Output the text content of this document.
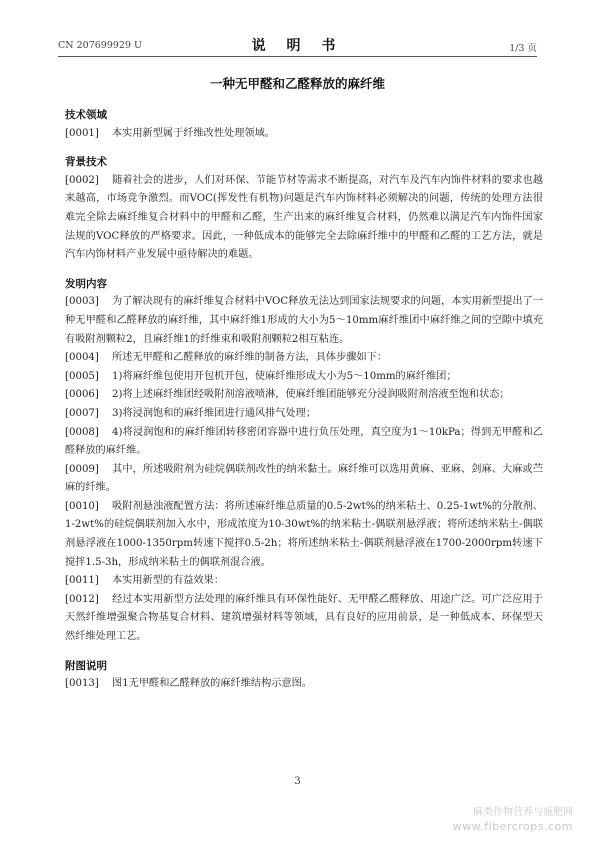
CN 207699929 U	说 明 书	1/3 页
一种无甲醛和乙醛释放的麻纤维
技术领域
[0001] 本实用新型属于纤维改性处理领域。
背景技术
[0002] 随着社会的进步，人们对环保、节能节材等需求不断提高，对汽车及汽车内饰件材料的要求也越来越高，市场竞争激烈。而VOC(挥发性有机物)问题是汽车内饰材料必须解决的问题，传统的处理方法很难完全除去麻纤维复合材料中的甲醛和乙醛，生产出来的麻纤维复合材料，仍然难以满足汽车内饰件国家法规的VOC释放的严格要求。因此，一种低成本的能够完全去除麻纤维中的甲醛和乙醛的工艺方法，就是汽车内饰材料产业发展中亟待解决的难题。
发明内容
[0003] 为了解决现有的麻纤维复合材料中VOC释放无法达到国家法规要求的问题，本实用新型提出了一种无甲醛和乙醛释放的麻纤维，其中麻纤维1形成的大小为5～10mm麻纤维团中麻纤维之间的空隙中填充有吸附剂颗粒2，且麻纤维1的纤维束和吸附剂颗粒2相互粘连。
[0004] 所述无甲醛和乙醛释放的麻纤维的制备方法，具体步骤如下：
[0005] 1)将麻纤维包使用开包机开包，使麻纤维形成大小为5～10mm的麻纤维团；
[0006] 2)将上述麻纤维团经吸附剂溶液喷淋，使麻纤维团能够充分浸润吸附剂溶液至饱和状态；
[0007] 3)将浸润饱和的麻纤维团进行通风排气处理；
[0008] 4)将浸润饱和的麻纤维团转移密闭容器中进行负压处理，真空度为1～10kPa；得到无甲醛和乙醛释放的麻纤维。
[0009] 其中，所述吸附剂为硅烷偶联剂改性的纳米黏土。麻纤维可以选用黄麻、亚麻、剑麻、大麻或苎麻的纤维。
[0010] 吸附剂悬浊液配置方法：将所述麻纤维总质量的0.5-2wt%的纳米粘土、0.25-1wt%的分散剂、1-2wt%的硅烷偶联剂加入水中，形成浓度为10-30wt%的纳米粘土-偶联剂悬浮液；将所述纳米粘土-偶联剂悬浮液在1000-1350rpm转速下搅拌0.5-2h；将所述纳米粘土-偶联剂悬浮液在1700-2000rpm转速下搅拌1.5-3h，形成纳米粘土的偶联剂混合液。
[0011] 本实用新型的有益效果：
[0012] 经过本实用新型方法处理的麻纤维具有环保性能好、无甲醛乙醛释放、用途广泛。可广泛应用于天然纤维增强聚合物基复合材料、建筑增强材料等领域，具有良好的应用前景，是一种低成本、环保型天然纤维处理工艺。
附图说明
[0013] 图1无甲醛和乙醛释放的麻纤维结构示意图。
3
麻类作物营养与施肥网
www.fibercrops.com
